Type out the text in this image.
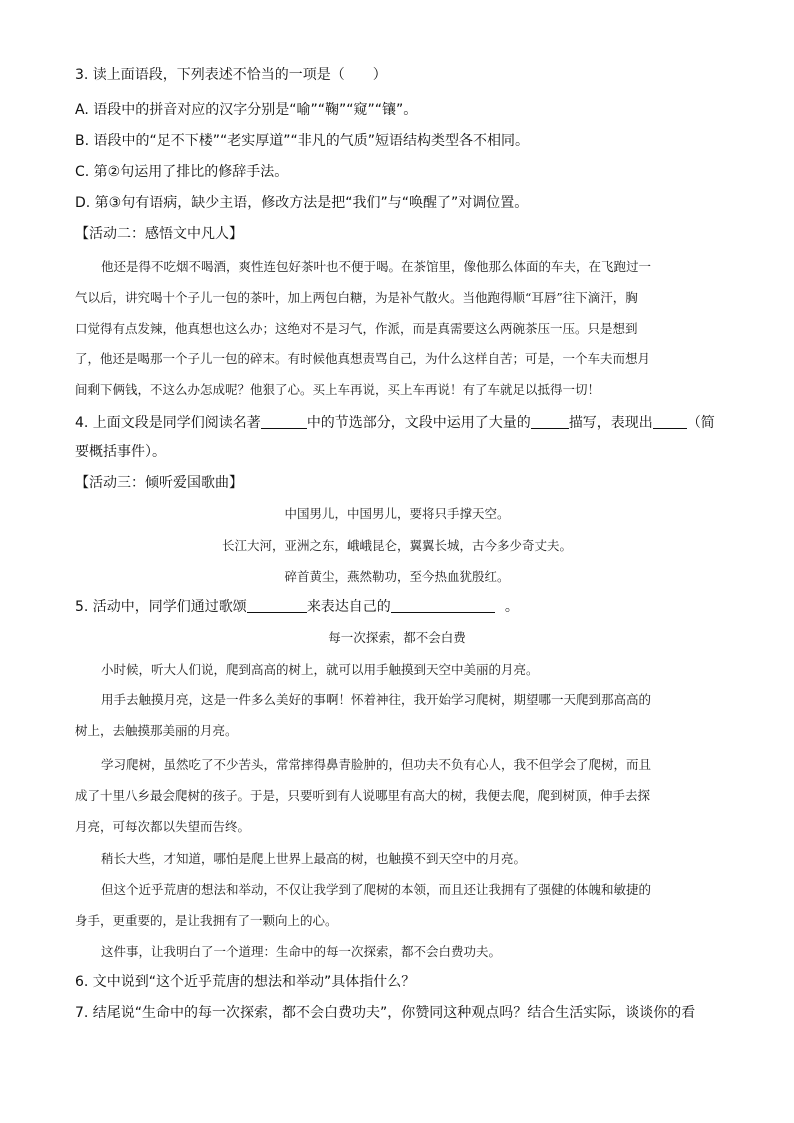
3. 读上面语段，下列表述不恰当的一项是（　　）
A. 语段中的拼音对应的汉字分别是“喻”“鞠”“窥”“镶”。
B. 语段中的“足不下楼”“老实厚道”“非凡的气质”短语结构类型各不相同。
C. 第②句运用了排比的修辞手法。
D. 第③句有语病，缺少主语，修改方法是把“我们”与“唤醒了”对调位置。
【活动二：感悟文中凡人】
他还是得不吃烟不喝酒，爽性连包好茶叶也不便于喝。在茶馆里，像他那么体面的车夫，在飞跑过一
气以后，讲究喝十个子儿一包的茶叶，加上两包白糖，为是补气散火。当他跑得顺“耳唇”往下滴汗，胸
口觉得有点发辣，他真想也这么办；这绝对不是习气，作派，而是真需要这么两碗茶压一压。只是想到
了，他还是喝那一个子儿一包的碎末。有时候他真想责骂自己，为什么这样自苦；可是，一个车夫而想月
间剩下俩钱，不这么办怎成呢？他狠了心。买上车再说，买上车再说！有了车就足以抵得一切！
4. 上面文段是同学们阅读名著	中的节选部分，文段中运用了大量的	描写，表现出 （简
要概括事件）。
【活动三：倾听爱国歌曲】
中国男儿，中国男儿，要将只手撑天空。
长江大河，亚洲之东，峨峨昆仑，翼翼长城，古今多少奇丈夫。
碎首黄尘，燕然勒功，至今热血犹殷红。
5. 活动中，同学们通过歌颂	来表达自己的	。
每一次探索，都不会白费
小时候，听大人们说，爬到高高的树上，就可以用手触摸到天空中美丽的月亮。
用手去触摸月亮，这是一件多么美好的事啊！怀着神往，我开始学习爬树，期望哪一天爬到那高高的
树上，去触摸那美丽的月亮。
学习爬树，虽然吃了不少苦头，常常摔得鼻青脸肿的，但功夫不负有心人，我不但学会了爬树，而且
成了十里八乡最会爬树的孩子。于是，只要听到有人说哪里有高大的树，我便去爬，爬到树顶，伸手去探
月亮，可每次都以失望而告终。
稍长大些，才知道，哪怕是爬上世界上最高的树，也触摸不到天空中的月亮。
但这个近乎荒唐的想法和举动，不仅让我学到了爬树的本领，而且还让我拥有了强健的体魄和敏捷的
身手，更重要的，是让我拥有了一颗向上的心。
这件事，让我明白了一个道理：生命中的每一次探索，都不会白费功夫。
6. 文中说到“这个近乎荒唐的想法和举动”具体指什么？
7. 结尾说“生命中的每一次探索，都不会白费功夫”，你赞同这种观点吗？结合生活实际，谈谈你的看
